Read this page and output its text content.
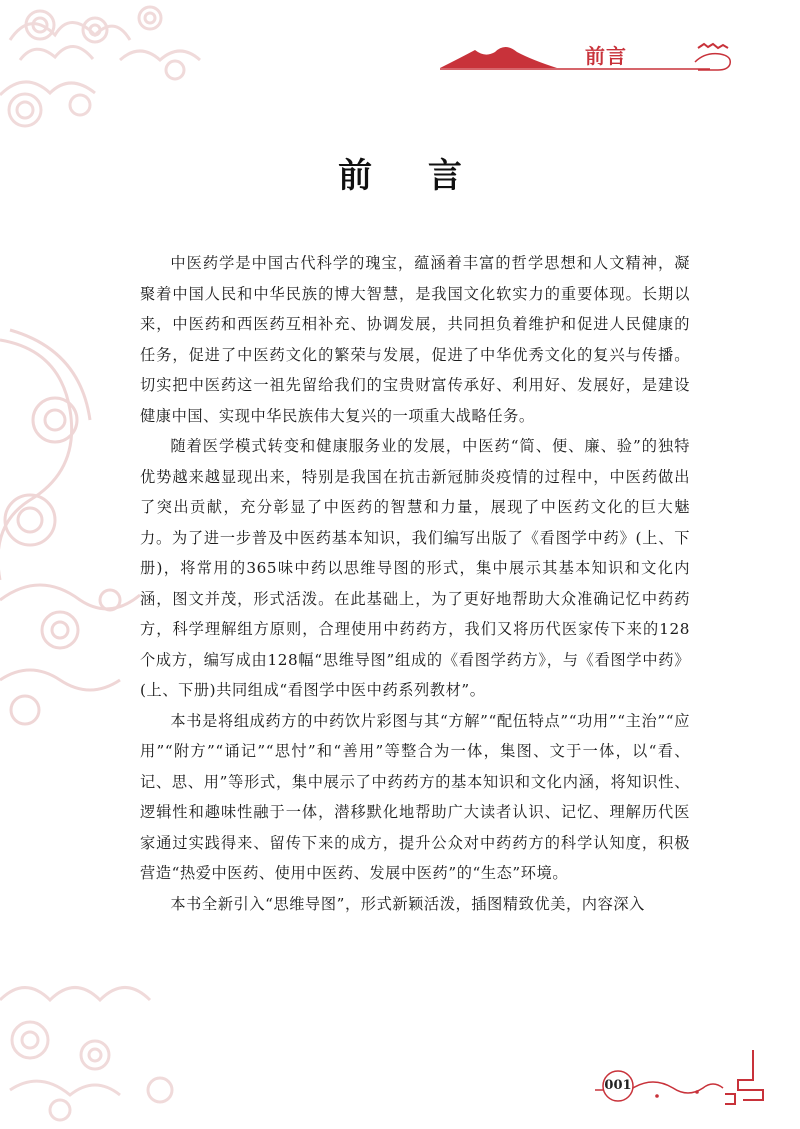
前言
前 言

中医药学是中国古代科学的瑰宝，蕴涵着丰富的哲学思想和人文精神，凝聚着中国人民和中华民族的博大智慧，是我国文化软实力的重要体现。长期以来，中医药和西医药互相补充、协调发展，共同担负着维护和促进人民健康的任务，促进了中医药文化的繁荣与发展，促进了中华优秀文化的复兴与传播。切实把中医药这一祖先留给我们的宝贵财富传承好、利用好、发展好，是建设健康中国、实现中华民族伟大复兴的一项重大战略任务。

随着医学模式转变和健康服务业的发展，中医药“简、便、廉、验”的独特优势越来越显现出来，特别是我国在抗击新冠肺炎疫情的过程中，中医药做出了突出贡献，充分彰显了中医药的智慧和力量，展现了中医药文化的巨大魅力。为了进一步普及中医药基本知识，我们编写出版了《看图学中药》(上、下册)，将常用的365味中药以思维导图的形式，集中展示其基本知识和文化内涵，图文并茂，形式活泼。在此基础上，为了更好地帮助大众准确记忆中药药方，科学理解组方原则，合理使用中药药方，我们又将历代医家传下来的128个成方，编写成由128幅“思维导图”组成的《看图学药方》，与《看图学中药》(上、下册)共同组成“看图学中医中药系列教材”。

本书是将组成药方的中药饮片彩图与其“方解”“配伍特点”“功用”“主治”“应用”“附方”“诵记”“思忖”和“善用”等整合为一体，集图、文于一体，以“看、记、思、用”等形式，集中展示了中药药方的基本知识和文化内涵，将知识性、逻辑性和趣味性融于一体，潜移默化地帮助广大读者认识、记忆、理解历代医家通过实践得来、留传下来的成方，提升公众对中药药方的科学认知度，积极营造“热爱中医药、使用中医药、发展中医药”的“生态”环境。

本书全新引入“思维导图”，形式新颖活泼，插图精致优美，内容深入

001
